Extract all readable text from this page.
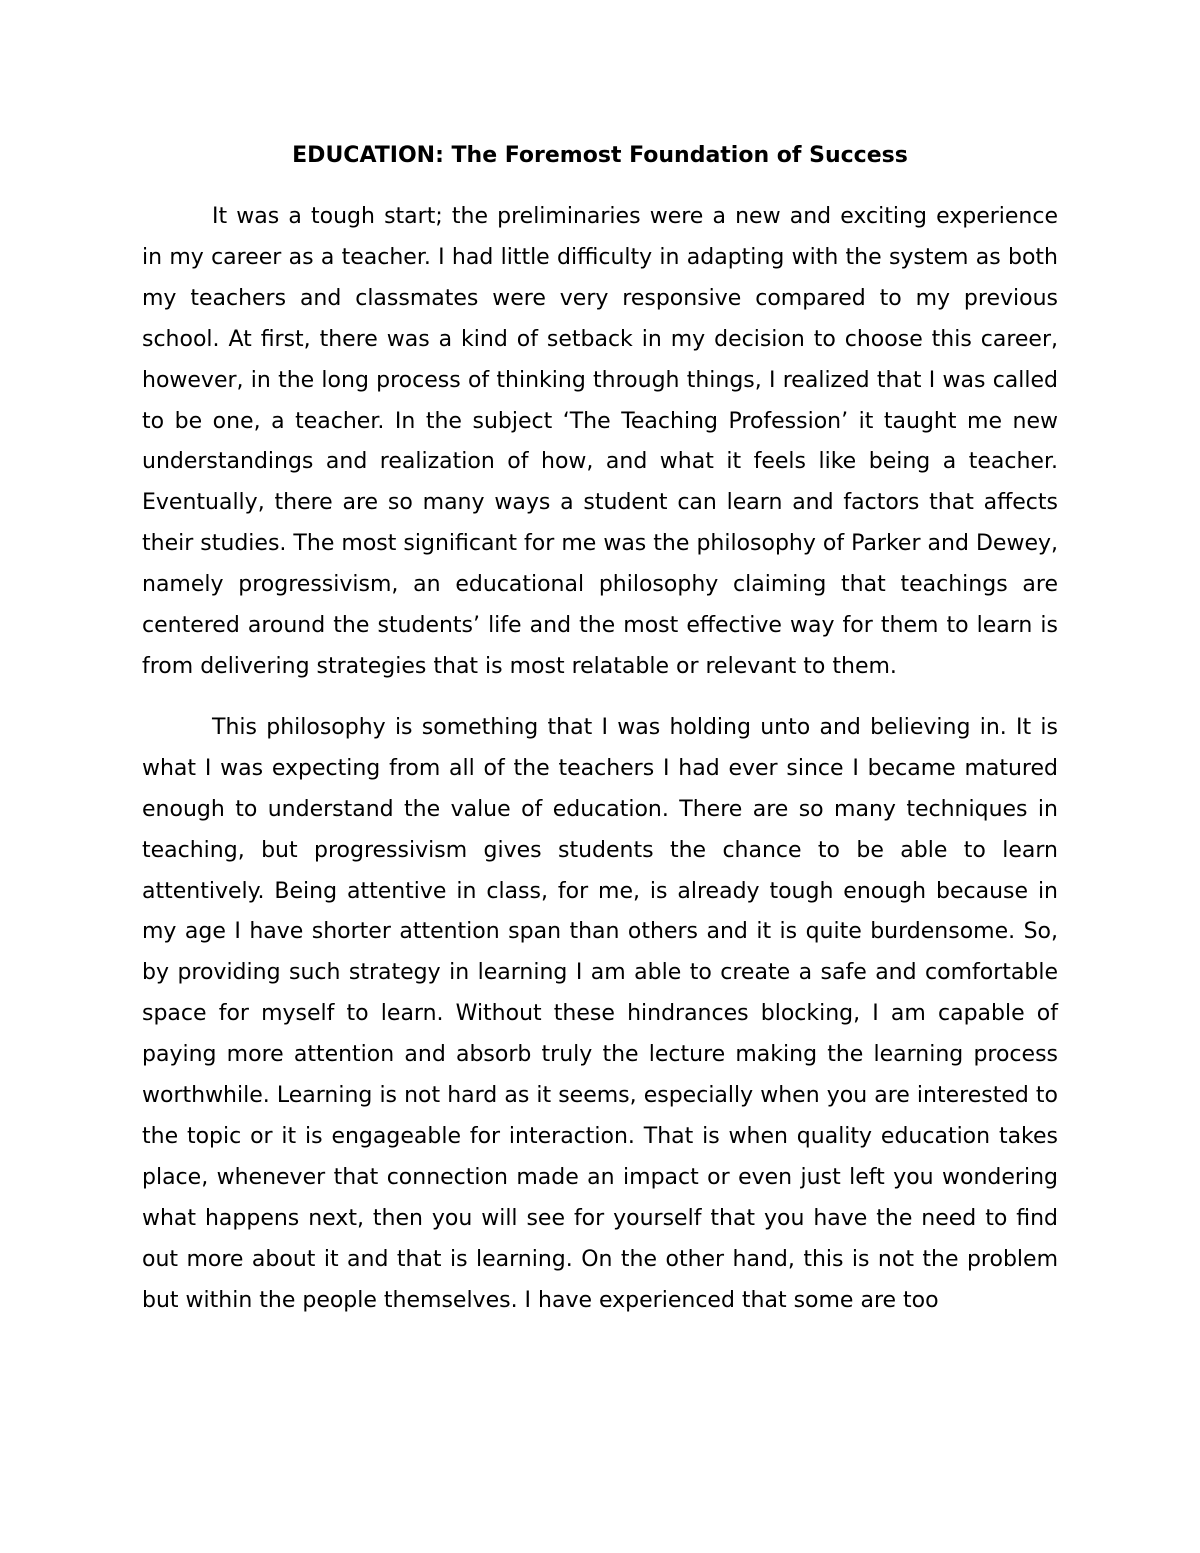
EDUCATION: The Foremost Foundation of Success

It was a tough start; the preliminaries were a new and exciting experience in my career as a teacher. I had little difficulty in adapting with the system as both my teachers and classmates were very responsive compared to my previous school. At first, there was a kind of setback in my decision to choose this career, however, in the long process of thinking through things, I realized that I was called to be one, a teacher. In the subject ‘The Teaching Profession’ it taught me new understandings and realization of how, and what it feels like being a teacher. Eventually, there are so many ways a student can learn and factors that affects their studies. The most significant for me was the philosophy of Parker and Dewey, namely progressivism, an educational philosophy claiming that teachings are centered around the students’ life and the most effective way for them to learn is from delivering strategies that is most relatable or relevant to them.

This philosophy is something that I was holding unto and believing in. It is what I was expecting from all of the teachers I had ever since I became matured enough to understand the value of education. There are so many techniques in teaching, but progressivism gives students the chance to be able to learn attentively. Being attentive in class, for me, is already tough enough because in my age I have shorter attention span than others and it is quite burdensome. So, by providing such strategy in learning I am able to create a safe and comfortable space for myself to learn. Without these hindrances blocking, I am capable of paying more attention and absorb truly the lecture making the learning process worthwhile. Learning is not hard as it seems, especially when you are interested to the topic or it is engageable for interaction. That is when quality education takes place, whenever that connection made an impact or even just left you wondering what happens next, then you will see for yourself that you have the need to find out more about it and that is learning. On the other hand, this is not the problem but within the people themselves. I have experienced that some are too
